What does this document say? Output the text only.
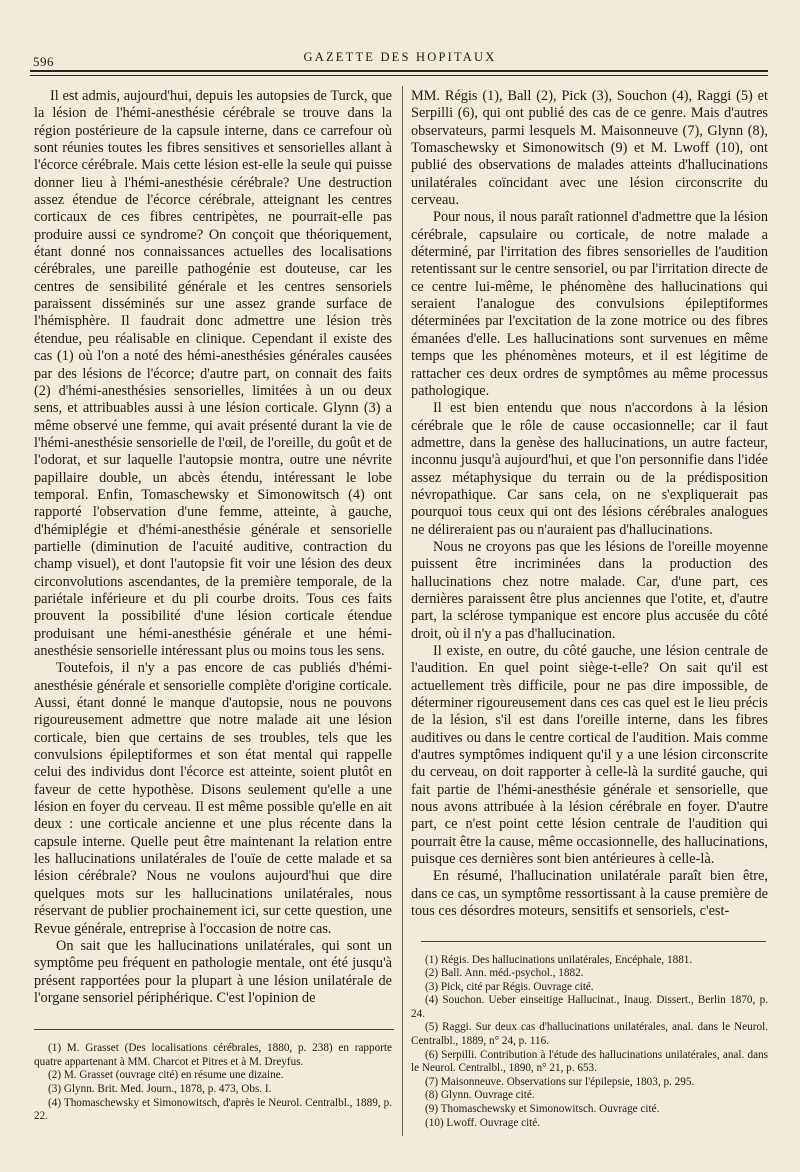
596	GAZETTE DES HOPITAUX

Il est admis, aujourd'hui, depuis les autopsies de Turck, que la lésion de l'hémi-anesthésie cérébrale se trouve dans la région postérieure de la capsule interne, dans ce carrefour où sont réunies toutes les fibres sensitives et sensorielles allant à l'écorce cérébrale. Mais cette lésion est-elle la seule qui puisse donner lieu à l'hémi-anesthésie cérébrale? Une destruction assez étendue de l'écorce cérébrale, atteignant les centres corticaux de ces fibres centripètes, ne pourrait-elle pas produire aussi ce syndrome? On conçoit que théoriquement, étant donné nos connaissances actuelles des localisations cérébrales, une pareille pathogénie est douteuse, car les centres de sensibilité générale et les centres sensoriels paraissent disséminés sur une assez grande surface de l'hémisphère. Il faudrait donc admettre une lésion très étendue, peu réalisable en clinique. Cependant il existe des cas (1) où l'on a noté des hémi-anesthésies générales causées par des lésions de l'écorce; d'autre part, on connait des faits (2) d'hémi-anesthésies sensorielles, limitées à un ou deux sens, et attribuables aussi à une lésion corticale. Glynn (3) a même observé une femme, qui avait présenté durant la vie de l'hémi-anesthésie sensorielle de l'œil, de l'oreille, du goût et de l'odorat, et sur laquelle l'autopsie montra, outre une névrite papillaire double, un abcès étendu, intéressant le lobe temporal. Enfin, Tomaschewsky et Simonowitsch (4) ont rapporté l'observation d'une femme, atteinte, à gauche, d'hémiplégie et d'hémi-anesthésie générale et sensorielle partielle (diminution de l'acuité auditive, contraction du champ visuel), et dont l'autopsie fit voir une lésion des deux circonvolutions ascendantes, de la première temporale, de la pariétale inférieure et du pli courbe droits. Tous ces faits prouvent la possibilité d'une lésion corticale étendue produisant une hémi-anesthésie générale et une hémi-anesthésie sensorielle intéressant plus ou moins tous les sens.

Toutefois, il n'y a pas encore de cas publiés d'hémi-anesthésie générale et sensorielle complète d'origine corticale. Aussi, étant donné le manque d'autopsie, nous ne pouvons rigoureusement admettre que notre malade ait une lésion corticale, bien que certains de ses troubles, tels que les convulsions épileptiformes et son état mental qui rappelle celui des individus dont l'écorce est atteinte, soient plutôt en faveur de cette hypothèse. Disons seulement qu'elle a une lésion en foyer du cerveau. Il est même possible qu'elle en ait deux : une corticale ancienne et une plus récente dans la capsule interne. Quelle peut être maintenant la relation entre les hallucinations unilatérales de l'ouïe de cette malade et sa lésion cérébrale? Nous ne voulons aujourd'hui que dire quelques mots sur les hallucinations unilatérales, nous réservant de publier prochainement ici, sur cette question, une Revue générale, entreprise à l'occasion de notre cas.

On sait que les hallucinations unilatérales, qui sont un symptôme peu fréquent en pathologie mentale, ont été jusqu'à présent rapportées pour la plupart à une lésion unilatérale de l'organe sensoriel périphérique. C'est l'opinion de

(1) M. Grasset (Des localisations cérébrales, 1880, p. 238) en rapporte quatre appartenant à MM. Charcot et Pitres et à M. Dreyfus.
(2) M. Grasset (ouvrage cité) en résume une dizaine.
(3) Glynn. Brit. Med. Journ., 1878, p. 473, Obs. I.
(4) Thomaschewsky et Simonowitsch, d'après le Neurol. Centralbl., 1889, p. 22.

MM. Régis (1), Ball (2), Pick (3), Souchon (4), Raggi (5) et Serpilli (6), qui ont publié des cas de ce genre. Mais d'autres observateurs, parmi lesquels M. Maisonneuve (7), Glynn (8), Tomaschewsky et Simonowitsch (9) et M. Lwoff (10), ont publié des observations de malades atteints d'hallucinations unilatérales coïncidant avec une lésion circonscrite du cerveau.

Pour nous, il nous paraît rationnel d'admettre que la lésion cérébrale, capsulaire ou corticale, de notre malade a déterminé, par l'irritation des fibres sensorielles de l'audition retentissant sur le centre sensoriel, ou par l'irritation directe de ce centre lui-même, le phénomène des hallucinations qui seraient l'analogue des convulsions épileptiformes déterminées par l'excitation de la zone motrice ou des fibres émanées d'elle. Les hallucinations sont survenues en même temps que les phénomènes moteurs, et il est légitime de rattacher ces deux ordres de symptômes au même processus pathologique.

Il est bien entendu que nous n'accordons à la lésion cérébrale que le rôle de cause occasionnelle; car il faut admettre, dans la genèse des hallucinations, un autre facteur, inconnu jusqu'à aujourd'hui, et que l'on personnifie dans l'idée assez métaphysique du terrain ou de la prédisposition névropathique. Car sans cela, on ne s'expliquerait pas pourquoi tous ceux qui ont des lésions cérébrales analogues ne délireraient pas ou n'auraient pas d'hallucinations.

Nous ne croyons pas que les lésions de l'oreille moyenne puissent être incriminées dans la production des hallucinations chez notre malade. Car, d'une part, ces dernières paraissent être plus anciennes que l'otite, et, d'autre part, la sclérose tympanique est encore plus accusée du côté droit, où il n'y a pas d'hallucination.

Il existe, en outre, du côté gauche, une lésion centrale de l'audition. En quel point siège-t-elle? On sait qu'il est actuellement très difficile, pour ne pas dire impossible, de déterminer rigoureusement dans ces cas quel est le lieu précis de la lésion, s'il est dans l'oreille interne, dans les fibres auditives ou dans le centre cortical de l'audition. Mais comme d'autres symptômes indiquent qu'il y a une lésion circonscrite du cerveau, on doit rapporter à celle-là la surdité gauche, qui fait partie de l'hémi-anesthésie générale et sensorielle, que nous avons attribuée à la lésion cérébrale en foyer. D'autre part, ce n'est point cette lésion centrale de l'audition qui pourrait être la cause, même occasionnelle, des hallucinations, puisque ces dernières sont bien antérieures à celle-là.

En résumé, l'hallucination unilatérale paraît bien être, dans ce cas, un symptôme ressortissant à la cause première de tous ces désordres moteurs, sensitifs et sensoriels, c'est-

(1) Régis. Des hallucinations unilatérales, Encéphale, 1881.
(2) Ball. Ann. méd.-psychol., 1882.
(3) Pick, cité par Régis. Ouvrage cité.
(4) Souchon. Ueber einseitige Hallucinat., Inaug. Dissert., Berlin 1870, p. 24.
(5) Raggi. Sur deux cas d'hallucinations unilatérales, anal. dans le Neurol. Centralbl., 1889, n° 24, p. 116.
(6) Serpilli. Contribution à l'étude des hallucinations unilatérales, anal. dans le Neurol. Centralbl., 1890, n° 21, p. 653.
(7) Maisonneuve. Observations sur l'épilepsie, 1803, p. 295.
(8) Glynn. Ouvrage cité.
(9) Thomaschewsky et Simonowitsch. Ouvrage cité.
(10) Lwoff. Ouvrage cité.
